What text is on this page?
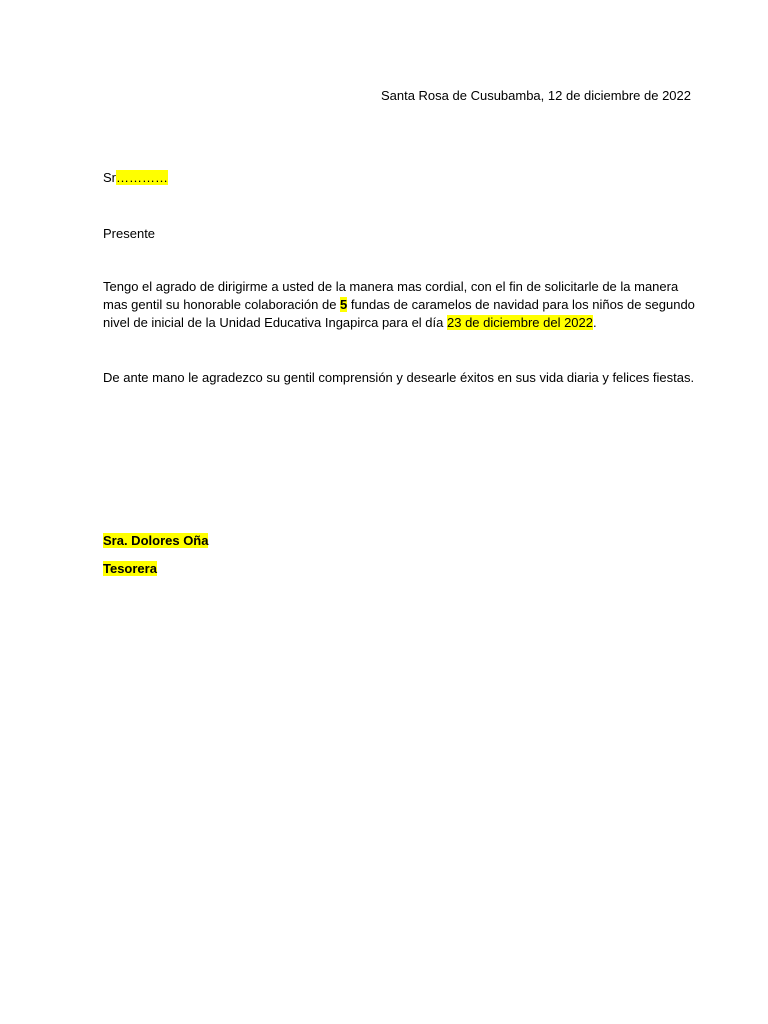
Santa Rosa de Cusubamba, 12 de diciembre de 2022
Sr…………
Presente
Tengo el agrado de dirigirme a usted de la manera mas cordial, con el fin de solicitarle de la manera
mas gentil su honorable colaboración de 5 fundas de caramelos de navidad para los niños de segundo
nivel de inicial de la Unidad Educativa Ingapirca para el día 23 de diciembre del 2022.
De ante mano le agradezco su gentil comprensión y desearle éxitos en sus vida diaria y felices fiestas.
Sra. Dolores Oña
Tesorera
